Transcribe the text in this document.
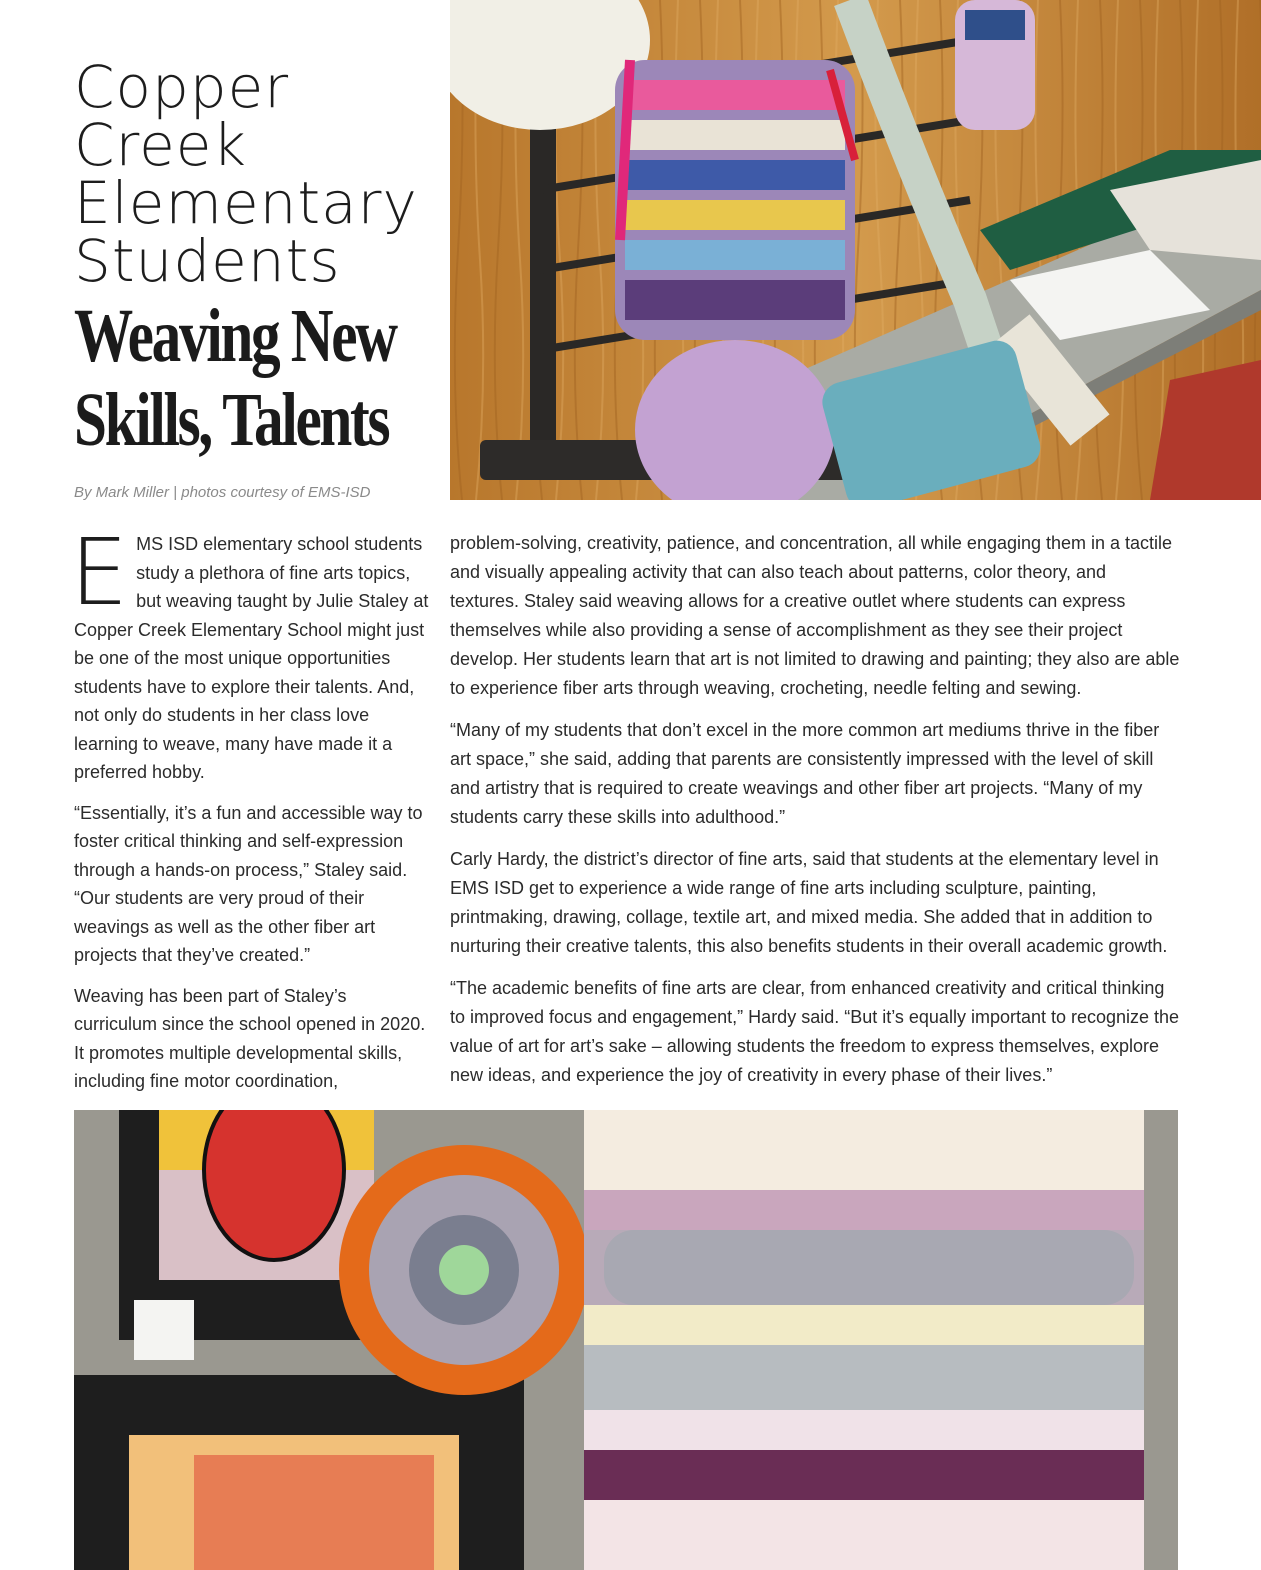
Copper
Creek
Elementary
Students
Weaving New
Skills, Talents
By Mark Miller | photos courtesy of EMS-ISD

EMS ISD elementary school students study a plethora of fine arts topics, but weaving taught by Julie Staley at Copper Creek Elementary School might just be one of the most unique opportunities students have to explore their talents. And, not only do students in her class love learning to weave, many have made it a preferred hobby.

“Essentially, it’s a fun and accessible way to foster critical thinking and self-expression through a hands-on process,” Staley said. “Our students are very proud of their weavings as well as the other fiber art projects that they’ve created.”

Weaving has been part of Staley’s curriculum since the school opened in 2020. It promotes multiple developmental skills, including fine motor coordination,

problem-solving, creativity, patience, and concentration, all while engaging them in a tactile and visually appealing activity that can also teach about patterns, color theory, and textures. Staley said weaving allows for a creative outlet where students can express themselves while also providing a sense of accomplishment as they see their project develop. Her students learn that art is not limited to drawing and painting; they also are able to experience fiber arts through weaving, crocheting, needle felting and sewing.

“Many of my students that don’t excel in the more common art mediums thrive in the fiber art space,” she said, adding that parents are consistently impressed with the level of skill and artistry that is required to create weavings and other fiber art projects. “Many of my students carry these skills into adulthood.”

Carly Hardy, the district’s director of fine arts, said that students at the elementary level in EMS ISD get to experience a wide range of fine arts including sculpture, painting, printmaking, drawing, collage, textile art, and mixed media. She added that in addition to nurturing their creative talents, this also benefits students in their overall academic growth.

“The academic benefits of fine arts are clear, from enhanced creativity and critical thinking to improved focus and engagement,” Hardy said. “But it’s equally important to recognize the value of art for art’s sake – allowing students the freedom to express themselves, explore new ideas, and experience the joy of creativity in every phase of their lives.”
